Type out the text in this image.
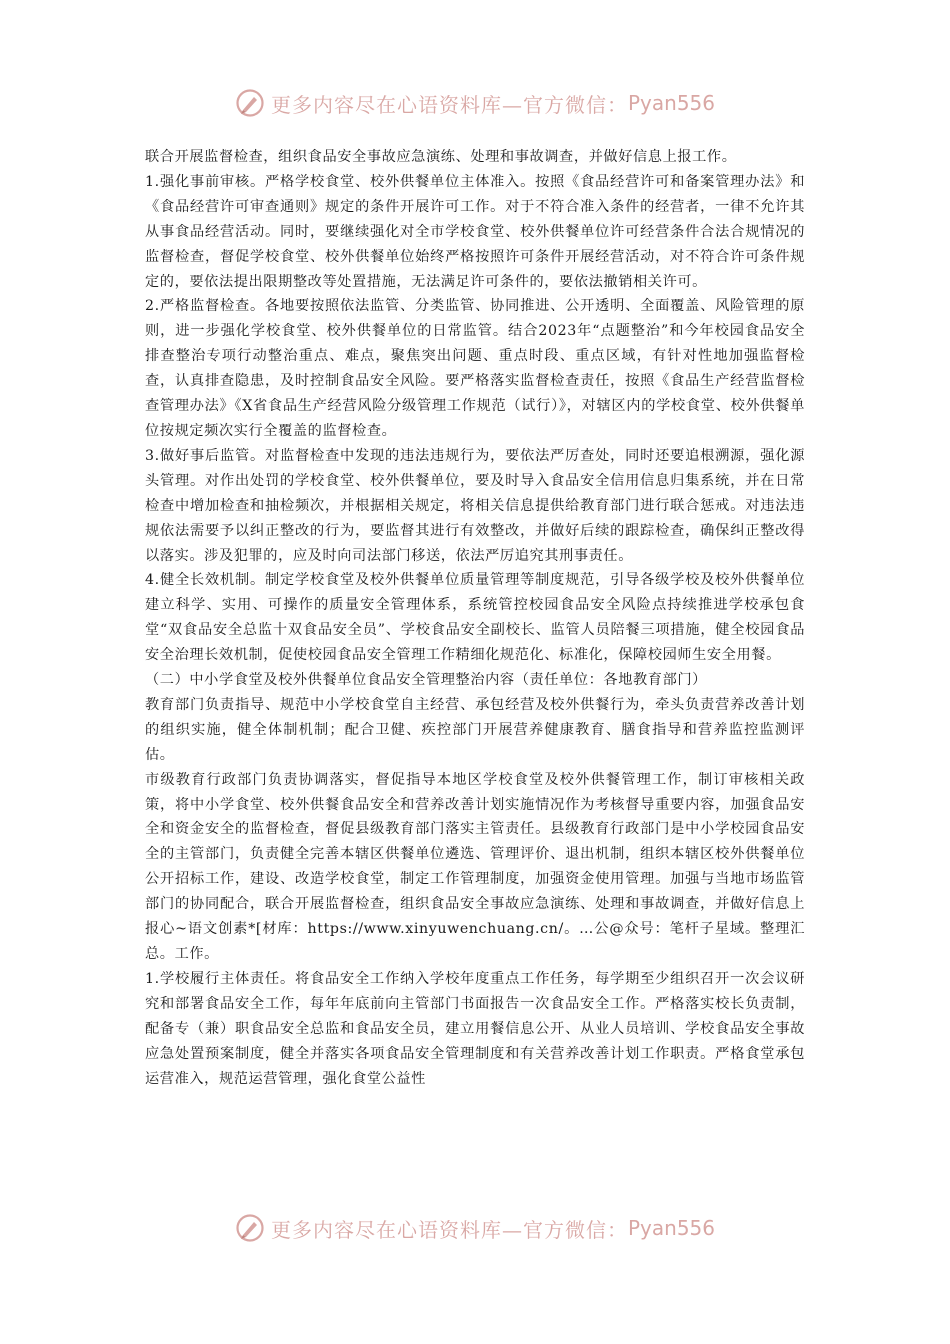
更多内容尽在心语资料库—官方微信： Pyan556

联合开展监督检查，组织食品安全事故应急演练、处理和事故调查，并做好信息上报工作。

1.强化事前审核。严格学校食堂、校外供餐单位主体准入。按照《食品经营许可和备案管理办法》和《食品经营许可审查通则》规定的条件开展许可工作。对于不符合准入条件的经营者，一律不允许其从事食品经营活动。同时，要继续强化对全市学校食堂、校外供餐单位许可经营条件合法合规情况的监督检查，督促学校食堂、校外供餐单位始终严格按照许可条件开展经营活动，对不符合许可条件规定的，要依法提出限期整改等处置措施，无法满足许可条件的，要依法撤销相关许可。

2.严格监督检查。各地要按照依法监管、分类监管、协同推进、公开透明、全面覆盖、风险管理的原则，进一步强化学校食堂、校外供餐单位的日常监管。结合2023年“点题整治”和今年校园食品安全排查整治专项行动整治重点、难点，聚焦突出问题、重点时段、重点区域，有针对性地加强监督检查，认真排查隐患，及时控制食品安全风险。要严格落实监督检查责任，按照《食品生产经营监督检查管理办法》《X省食品生产经营风险分级管理工作规范（试行）》，对辖区内的学校食堂、校外供餐单位按规定频次实行全覆盖的监督检查。

3.做好事后监管。对监督检查中发现的违法违规行为，要依法严厉查处，同时还要追根溯源，强化源头管理。对作出处罚的学校食堂、校外供餐单位，要及时导入食品安全信用信息归集系统，并在日常检查中增加检查和抽检频次，并根据相关规定，将相关信息提供给教育部门进行联合惩戒。对违法违规依法需要予以纠正整改的行为，要监督其进行有效整改，并做好后续的跟踪检查，确保纠正整改得以落实。涉及犯罪的，应及时向司法部门移送，依法严厉追究其刑事责任。

4.健全长效机制。制定学校食堂及校外供餐单位质量管理等制度规范，引导各级学校及校外供餐单位建立科学、实用、可操作的质量安全管理体系，系统管控校园食品安全风险点持续推进学校承包食堂“双食品安全总监十双食品安全员”、学校食品安全副校长、监管人员陪餐三项措施，健全校园食品安全治理长效机制，促使校园食品安全管理工作精细化规范化、标准化，保障校园师生安全用餐。

（二）中小学食堂及校外供餐单位食品安全管理整治内容（责任单位：各地教育部门）

教育部门负责指导、规范中小学校食堂自主经营、承包经营及校外供餐行为，牵头负责营养改善计划的组织实施，健全体制机制；配合卫健、疾控部门开展营养健康教育、膳食指导和营养监控监测评估。

市级教育行政部门负责协调落实，督促指导本地区学校食堂及校外供餐管理工作，制订审核相关政策，将中小学食堂、校外供餐食品安全和营养改善计划实施情况作为考核督导重要内容，加强食品安全和资金安全的监督检查，督促县级教育部门落实主管责任。县级教育行政部门是中小学校园食品安全的主管部门，负责健全完善本辖区供餐单位遴选、管理评价、退出机制，组织本辖区校外供餐单位公开招标工作，建设、改造学校食堂，制定工作管理制度，加强资金使用管理。加强与当地市场监管部门的协同配合，联合开展监督检查，组织食品安全事故应急演练、处理和事故调查，并做好信息上报心~语文创素*[材库：https://www.xinyuwenchuang.cn/。…公@众号：笔杆子星域。整理汇总。工作。

1.学校履行主体责任。将食品安全工作纳入学校年度重点工作任务，每学期至少组织召开一次会议研究和部署食品安全工作，每年年底前向主管部门书面报告一次食品安全工作。严格落实校长负责制，配备专（兼）职食品安全总监和食品安全员，建立用餐信息公开、从业人员培训、学校食品安全事故应急处置预案制度，健全并落实各项食品安全管理制度和有关营养改善计划工作职责。严格食堂承包运营准入，规范运营管理，强化食堂公益性

更多内容尽在心语资料库—官方微信： Pyan556
